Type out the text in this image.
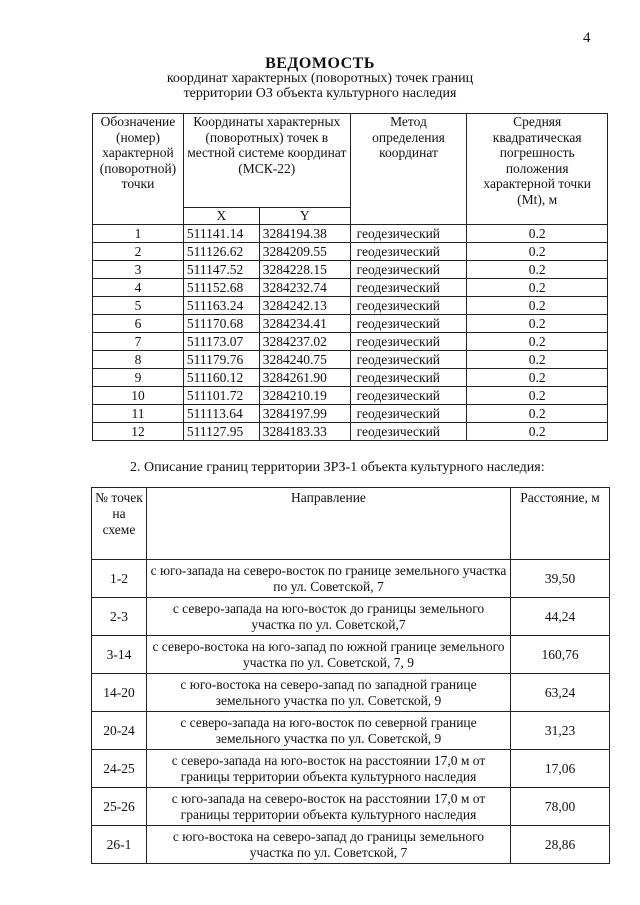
4
ВЕДОМОСТЬ
координат характерных (поворотных) точек границ
территории ОЗ объекта культурного наследия
Обозначение (номер) характерной (поворотной) точки	Координаты характерных (поворотных) точек в местной системе координат (МСК-22)		Метод определения координат	Средняя квадратическая погрешность положения характерной точки (Mt), м
	X	Y		
1	511141.14	3284194.38	геодезический	0.2
2	511126.62	3284209.55	геодезический	0.2
3	511147.52	3284228.15	геодезический	0.2
4	511152.68	3284232.74	геодезический	0.2
5	511163.24	3284242.13	геодезический	0.2
6	511170.68	3284234.41	геодезический	0.2
7	511173.07	3284237.02	геодезический	0.2
8	511179.76	3284240.75	геодезический	0.2
9	511160.12	3284261.90	геодезический	0.2
10	511101.72	3284210.19	геодезический	0.2
11	511113.64	3284197.99	геодезический	0.2
12	511127.95	3284183.33	геодезический	0.2
2. Описание границ территории ЗРЗ-1 объекта культурного наследия:
№ точек на схеме	Направление	Расстояние, м
1-2	с юго-запада на северо-восток по границе земельного участка по ул. Советской, 7	39,50
2-3	с северо-запада на юго-восток до границы земельного участка по ул. Советской,7	44,24
3-14	с северо-востока на юго-запад по южной границе земельного участка по ул. Советской, 7, 9	160,76
14-20	с юго-востока на северо-запад по западной границе земельного участка по ул. Советской, 9	63,24
20-24	с северо-запада на юго-восток по северной границе земельного участка по ул. Советской, 9	31,23
24-25	с северо-запада на юго-восток на расстоянии 17,0 м от границы территории объекта культурного наследия	17,06
25-26	с юго-запада на северо-восток на расстоянии 17,0 м от границы территории объекта культурного наследия	78,00
26-1	с юго-востока на северо-запад до границы земельного участка по ул. Советской, 7	28,86
